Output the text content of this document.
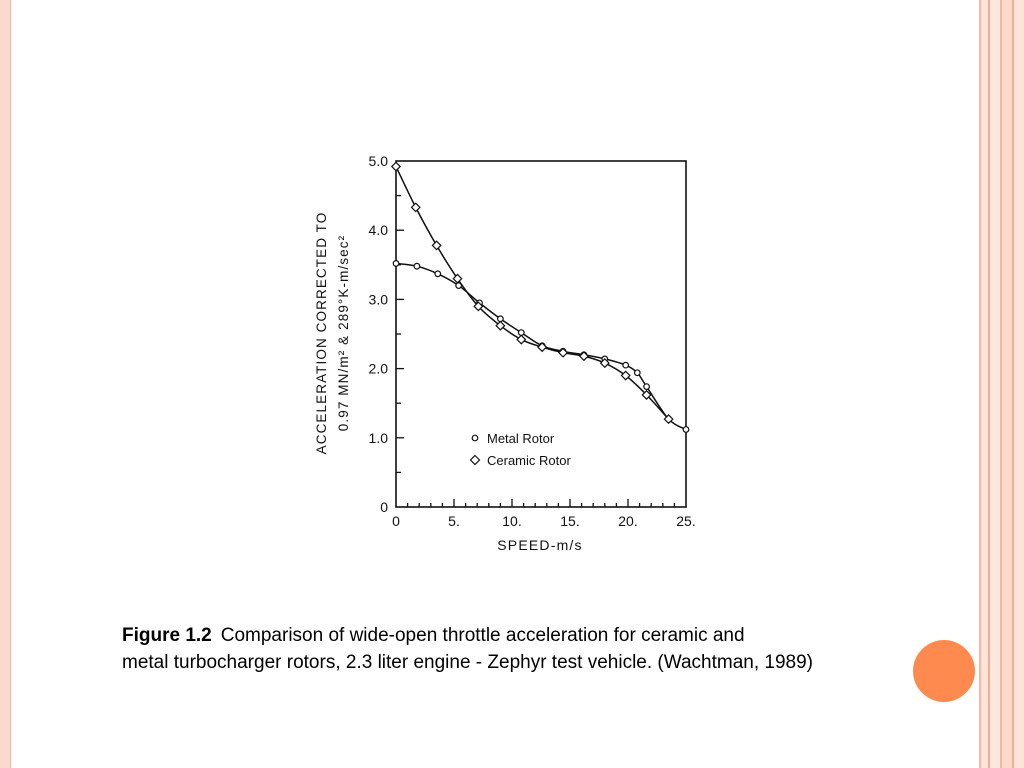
0
1.0
2.0
3.0
4.0
5.0
0	5.	10.	15.	20.	25.
ACCELERATION CORRECTED TO 0.97 MN/m² & 289°K-m/sec²
SPEED-m/s
Metal Rotor
Ceramic Rotor
Figure 1.2 Comparison of wide-open throttle acceleration for ceramic and
metal turbocharger rotors, 2.3 liter engine - Zephyr test vehicle. (Wachtman, 1989)
